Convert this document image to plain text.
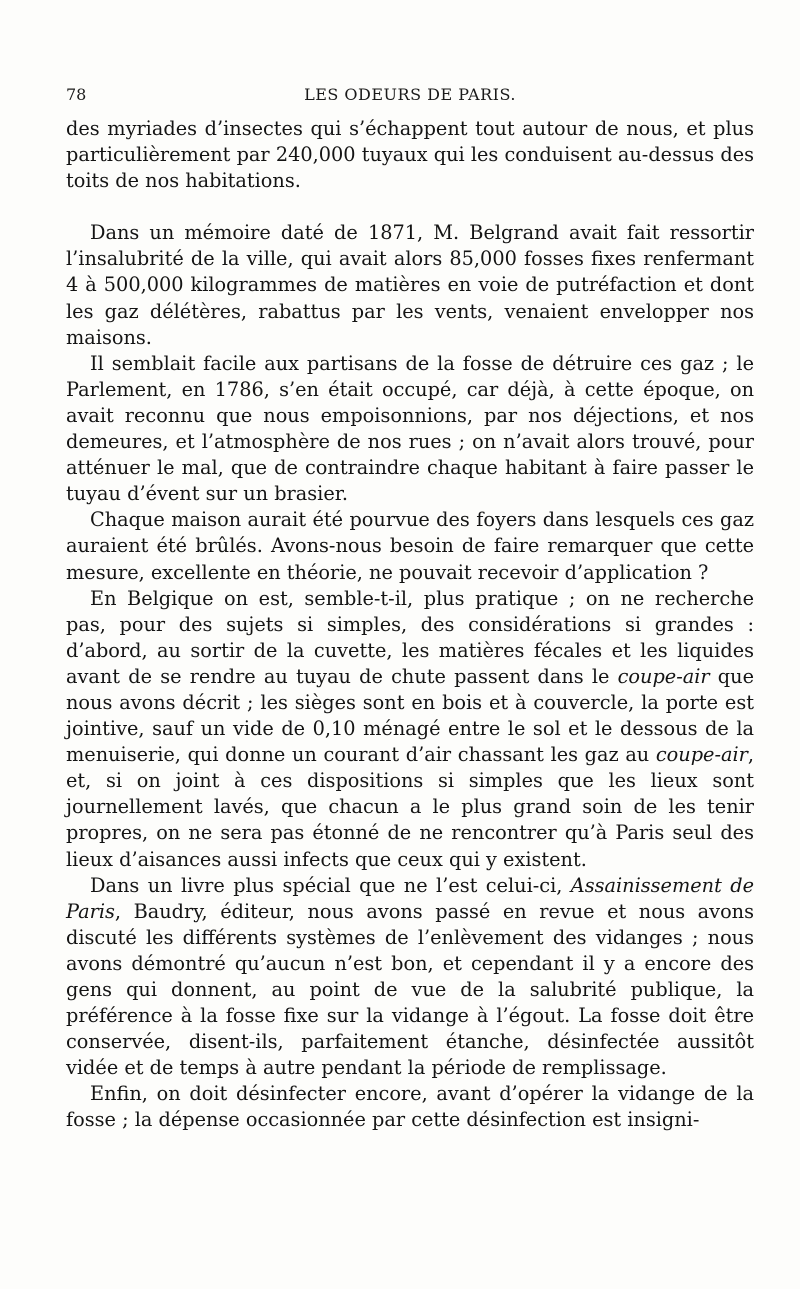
78	LES ODEURS DE PARIS.

des myriades d’insectes qui s’échappent tout autour de nous, et plus particulièrement par 240,000 tuyaux qui les conduisent au-dessus des toits de nos habitations.

Dans un mémoire daté de 1871, M. Belgrand avait fait ressortir l’insalubrité de la ville, qui avait alors 85,000 fosses fixes renfermant 4 à 500,000 kilogrammes de matières en voie de putréfaction et dont les gaz délétères, rabattus par les vents, venaient envelopper nos maisons.

Il semblait facile aux partisans de la fosse de détruire ces gaz ; le Parlement, en 1786, s’en était occupé, car déjà, à cette époque, on avait reconnu que nous empoisonnions, par nos déjections, et nos demeures, et l’atmosphère de nos rues ; on n’avait alors trouvé, pour atténuer le mal, que de contraindre chaque habitant à faire passer le tuyau d’évent sur un brasier.

Chaque maison aurait été pourvue des foyers dans lesquels ces gaz auraient été brûlés. Avons-nous besoin de faire remarquer que cette mesure, excellente en théorie, ne pouvait recevoir d’application ?

En Belgique on est, semble-t-il, plus pratique ; on ne recherche pas, pour des sujets si simples, des considérations si grandes : d’abord, au sortir de la cuvette, les matières fécales et les liquides avant de se rendre au tuyau de chute passent dans le coupe-air que nous avons décrit ; les sièges sont en bois et à couvercle, la porte est jointive, sauf un vide de 0,10 ménagé entre le sol et le dessous de la menuiserie, qui donne un courant d’air chassant les gaz au coupe-air, et, si on joint à ces dispositions si simples que les lieux sont journellement lavés, que chacun a le plus grand soin de les tenir propres, on ne sera pas étonné de ne rencontrer qu’à Paris seul des lieux d’aisances aussi infects que ceux qui y existent.

Dans un livre plus spécial que ne l’est celui-ci, Assainissement de Paris, Baudry, éditeur, nous avons passé en revue et nous avons discuté les différents systèmes de l’enlèvement des vidanges ; nous avons démontré qu’aucun n’est bon, et cependant il y a encore des gens qui donnent, au point de vue de la salubrité publique, la préférence à la fosse fixe sur la vidange à l’égout. La fosse doit être conservée, disent-ils, parfaitement étanche, désinfectée aussitôt vidée et de temps à autre pendant la période de remplissage.

Enfin, on doit désinfecter encore, avant d’opérer la vidange de la fosse ; la dépense occasionnée par cette désinfection est insigni-
